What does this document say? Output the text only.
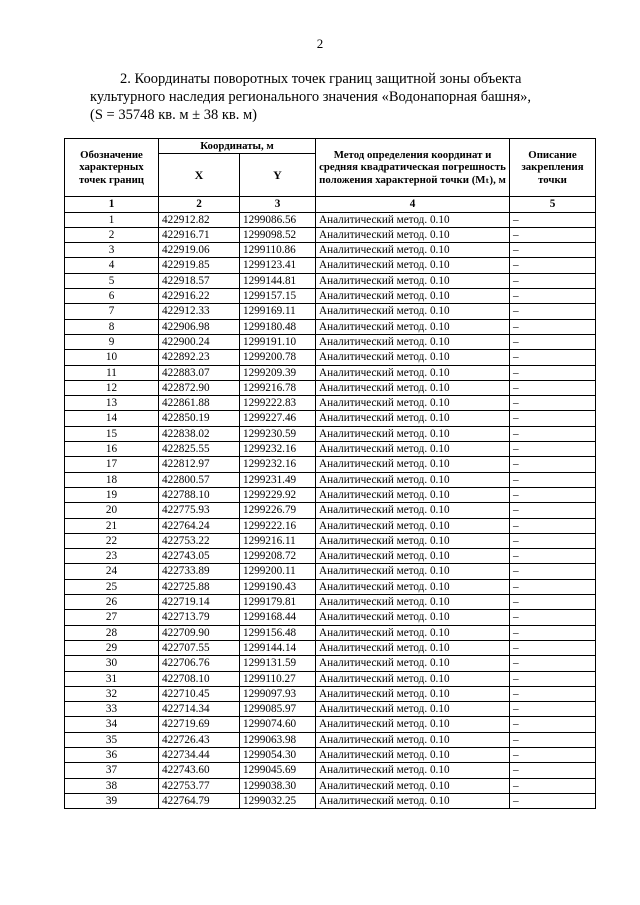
2

2. Координаты поворотных точек границ защитной зоны объекта

культурного наследия регионального значения «Водонапорная башня»,

(S = 35748 кв. м ± 38 кв. м)

Обозначение характерных точек границ	Координаты, м		Метод определения координат и средняя квадратическая погрешность положения характерной точки (Mₜ), м	Описание закрепления точки
	X	Y		
1	2	3	4	5
1	422912.82	1299086.56	Аналитический метод. 0.10	–
2	422916.71	1299098.52	Аналитический метод. 0.10	–
3	422919.06	1299110.86	Аналитический метод. 0.10	–
4	422919.85	1299123.41	Аналитический метод. 0.10	–
5	422918.57	1299144.81	Аналитический метод. 0.10	–
6	422916.22	1299157.15	Аналитический метод. 0.10	–
7	422912.33	1299169.11	Аналитический метод. 0.10	–
8	422906.98	1299180.48	Аналитический метод. 0.10	–
9	422900.24	1299191.10	Аналитический метод. 0.10	–
10	422892.23	1299200.78	Аналитический метод. 0.10	–
11	422883.07	1299209.39	Аналитический метод. 0.10	–
12	422872.90	1299216.78	Аналитический метод. 0.10	–
13	422861.88	1299222.83	Аналитический метод. 0.10	–
14	422850.19	1299227.46	Аналитический метод. 0.10	–
15	422838.02	1299230.59	Аналитический метод. 0.10	–
16	422825.55	1299232.16	Аналитический метод. 0.10	–
17	422812.97	1299232.16	Аналитический метод. 0.10	–
18	422800.57	1299231.49	Аналитический метод. 0.10	–
19	422788.10	1299229.92	Аналитический метод. 0.10	–
20	422775.93	1299226.79	Аналитический метод. 0.10	–
21	422764.24	1299222.16	Аналитический метод. 0.10	–
22	422753.22	1299216.11	Аналитический метод. 0.10	–
23	422743.05	1299208.72	Аналитический метод. 0.10	–
24	422733.89	1299200.11	Аналитический метод. 0.10	–
25	422725.88	1299190.43	Аналитический метод. 0.10	–
26	422719.14	1299179.81	Аналитический метод. 0.10	–
27	422713.79	1299168.44	Аналитический метод. 0.10	–
28	422709.90	1299156.48	Аналитический метод. 0.10	–
29	422707.55	1299144.14	Аналитический метод. 0.10	–
30	422706.76	1299131.59	Аналитический метод. 0.10	–
31	422708.10	1299110.27	Аналитический метод. 0.10	–
32	422710.45	1299097.93	Аналитический метод. 0.10	–
33	422714.34	1299085.97	Аналитический метод. 0.10	–
34	422719.69	1299074.60	Аналитический метод. 0.10	–
35	422726.43	1299063.98	Аналитический метод. 0.10	–
36	422734.44	1299054.30	Аналитический метод. 0.10	–
37	422743.60	1299045.69	Аналитический метод. 0.10	–
38	422753.77	1299038.30	Аналитический метод. 0.10	–
39	422764.79	1299032.25	Аналитический метод. 0.10	–
